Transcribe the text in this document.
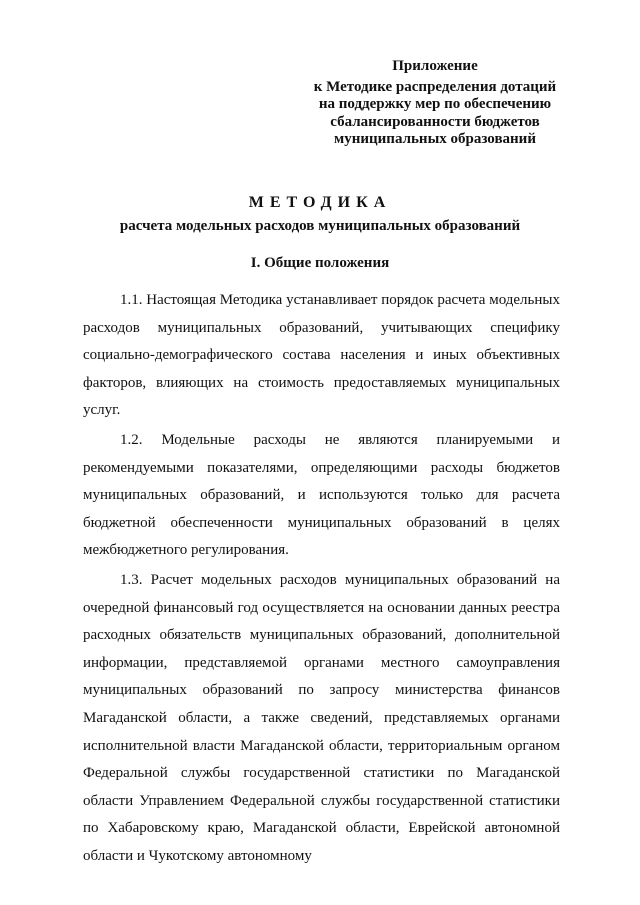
Приложение
к Методике распределения дотаций
на поддержку мер по обеспечению
сбалансированности бюджетов
муниципальных образований
МЕТОДИКА
расчета модельных расходов муниципальных образований
I. Общие положения

1.1. Настоящая Методика устанавливает порядок расчета модельных расходов муниципальных образований, учитывающих специфику социально-демографического состава населения и иных объективных факторов, влияющих на стоимость предоставляемых муниципальных услуг.

1.2. Модельные расходы не являются планируемыми и рекомендуемыми показателями, определяющими расходы бюджетов муниципальных образований, и используются только для расчета бюджетной обеспеченности муниципальных образований в целях межбюджетного регулирования.

1.3. Расчет модельных расходов муниципальных образований на очередной финансовый год осуществляется на основании данных реестра расходных обязательств муниципальных образований, дополнительной информации, представляемой органами местного самоуправления муниципальных образований по запросу министерства финансов Магаданской области, а также сведений, представляемых органами исполнительной власти Магаданской области, территориальным органом Федеральной службы государственной статистики по Магаданской области Управлением Федеральной службы государственной статистики по Хабаровскому краю, Магаданской области, Еврейской автономной области и Чукотскому автономному
